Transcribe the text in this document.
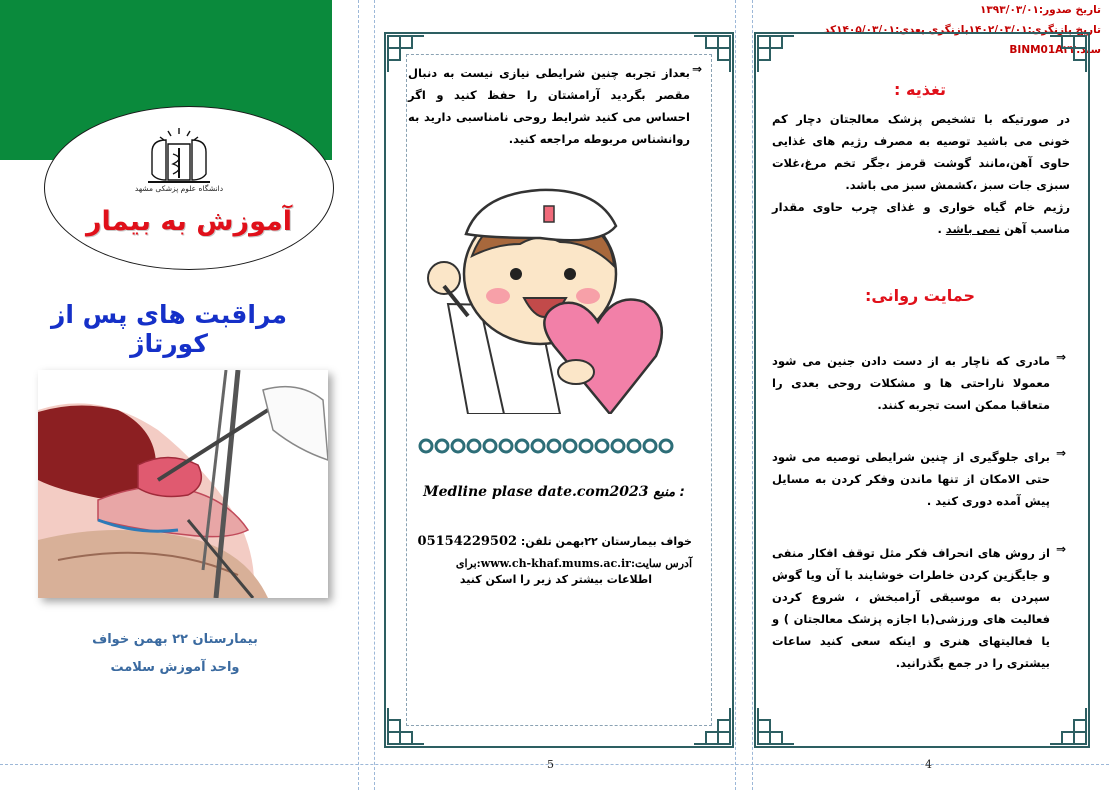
تاریخ صدور:۱۳۹۳/۰۳/۰۱
تاریخ بازنگری:۱۴۰۲/۰۳/۰۱بازنگری بعدی:۱۴۰۵/۰۳/۰۱کد
سند:BINM01A۲۲
دانشگاه علوم پزشکی مشهد
آموزش به بیمار
مراقبت های پس از کورتاژ
بیمارستان ۲۲ بهمن خواف
واحد آموزش سلامت
⇒
بعداز تجربه چنین شرایطی نیازی نیست به دنبال مقصر بگردید آرامشتان را حفظ کنید و اگر احساس می کنید شرایط روحی نامناسبی دارید به روانشناس مربوطه مراجعه کنید.
Medline plase date.com2023 منبع :
خواف بیمارستان ۲۲بهمن تلفن: 05154229502
آدرس سایت:www.ch-khaf.mums.ac.ir:برای
اطلاعات بیشتر کد زیر را اسکن کنید
5
تغذیه :
در صورتیکه با تشخیص پزشک معالجتان دچار کم خونی می باشید توصیه به مصرف رژیم های غذایی حاوی آهن،مانند گوشت قرمز ،جگر تخم مرغ،غلات سبزی جات سبز ،کشمش سبز می باشد.
رژیم خام گیاه خواری و غذای چرب حاوی مقدار مناسب آهن نمی باشد .
حمایت روانی:
⇒
مادری که ناچار به از دست دادن جنین می شود معمولا ناراحتی ها و مشکلات روحی بعدی را متعاقبا ممکن است تجربه کنند.
⇒
برای جلوگیری از چنین شرایطی توصیه می شود حتی الامکان از تنها ماندن وفکر کردن به مسایل پیش آمده دوری کنید .
⇒
از روش های انحراف فکر مثل توقف افکار منفی و جایگزین کردن خاطرات خوشایند با آن ویا گوش سپردن به موسیقی آرامبخش ، شروع کردن فعالیت های ورزشی(با اجازه پزشک معالجتان ) و یا فعالیتهای هنری و اینکه سعی کنید ساعات بیشتری را در جمع بگذرانید.
4
